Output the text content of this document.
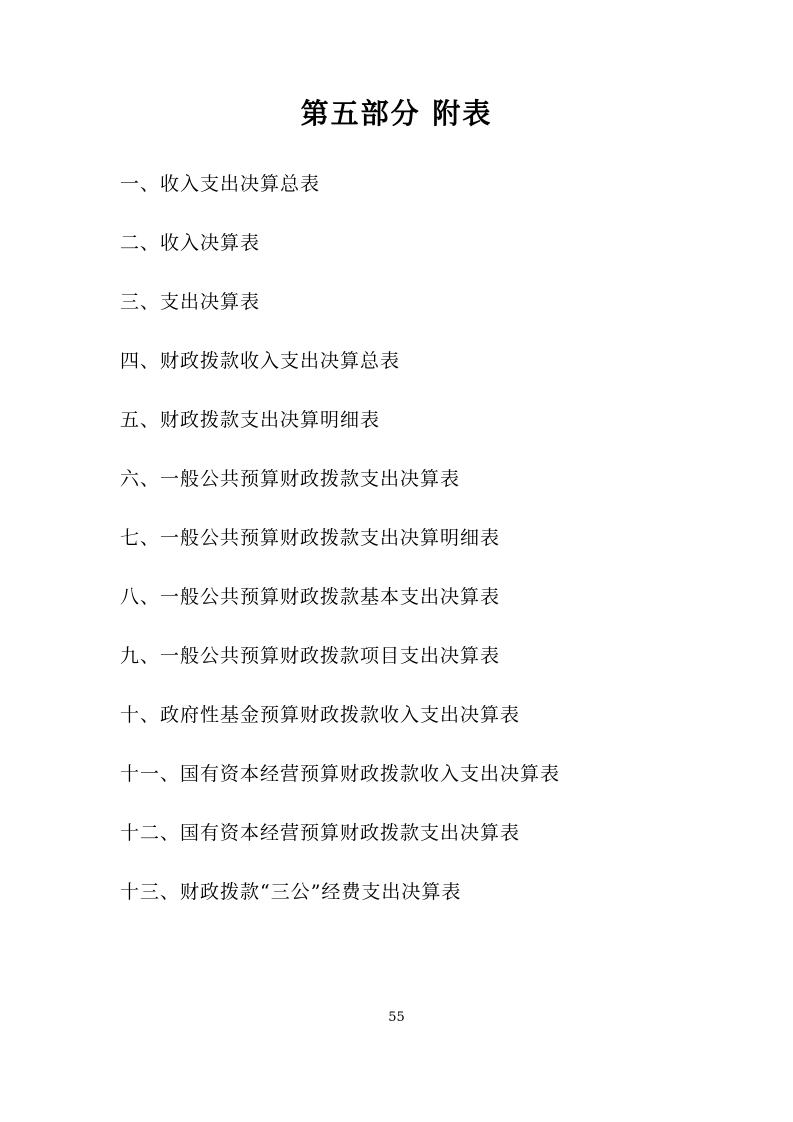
第五部分 附表
一、收入支出决算总表
二、收入决算表
三、支出决算表
四、财政拨款收入支出决算总表
五、财政拨款支出决算明细表
六、一般公共预算财政拨款支出决算表
七、一般公共预算财政拨款支出决算明细表
八、一般公共预算财政拨款基本支出决算表
九、一般公共预算财政拨款项目支出决算表
十、政府性基金预算财政拨款收入支出决算表
十一、国有资本经营预算财政拨款收入支出决算表
十二、国有资本经营预算财政拨款支出决算表
十三、财政拨款“三公”经费支出决算表
55
